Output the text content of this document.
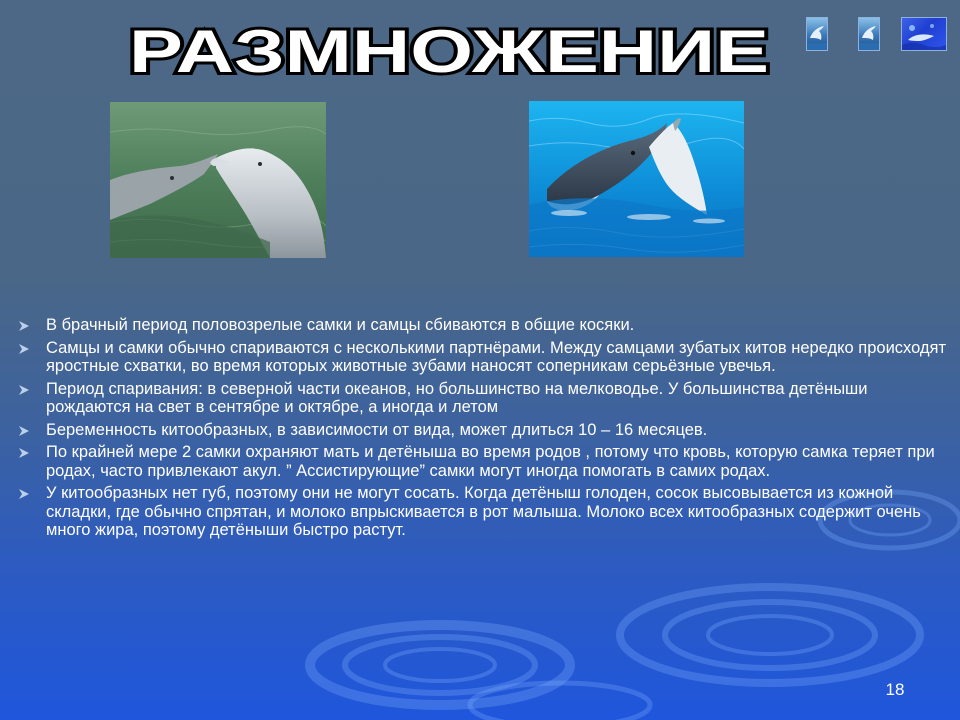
РАЗМНОЖЕНИЕ
В брачный период половозрелые самки и самцы сбиваются в общие косяки.
Самцы и самки обычно спариваются с несколькими партнёрами. Между самцами зубатых китов нередко происходят яростные схватки, во время которых животные зубами наносят соперникам серьёзные увечья.
Период спаривания: в северной части океанов, но большинство на мелководье. У большинства детёныши рождаются на свет в сентябре и октябре, а иногда и летом
Беременность китообразных, в зависимости от вида, может длиться 10 – 16 месяцев.
По крайней мере 2 самки охраняют мать и детёныша во время родов , потому что кровь, которую самка теряет при родах, часто привлекают акул. ” Ассистирующие” самки могут иногда помогать в самих родах.
У китообразных нет губ, поэтому они не могут сосать. Когда детёныш голоден, сосок высовывается из кожной складки, где обычно спрятан, и молоко впрыскивается в рот малыша. Молоко всех китообразных содержит очень много жира, поэтому детёныши быстро растут.
18
